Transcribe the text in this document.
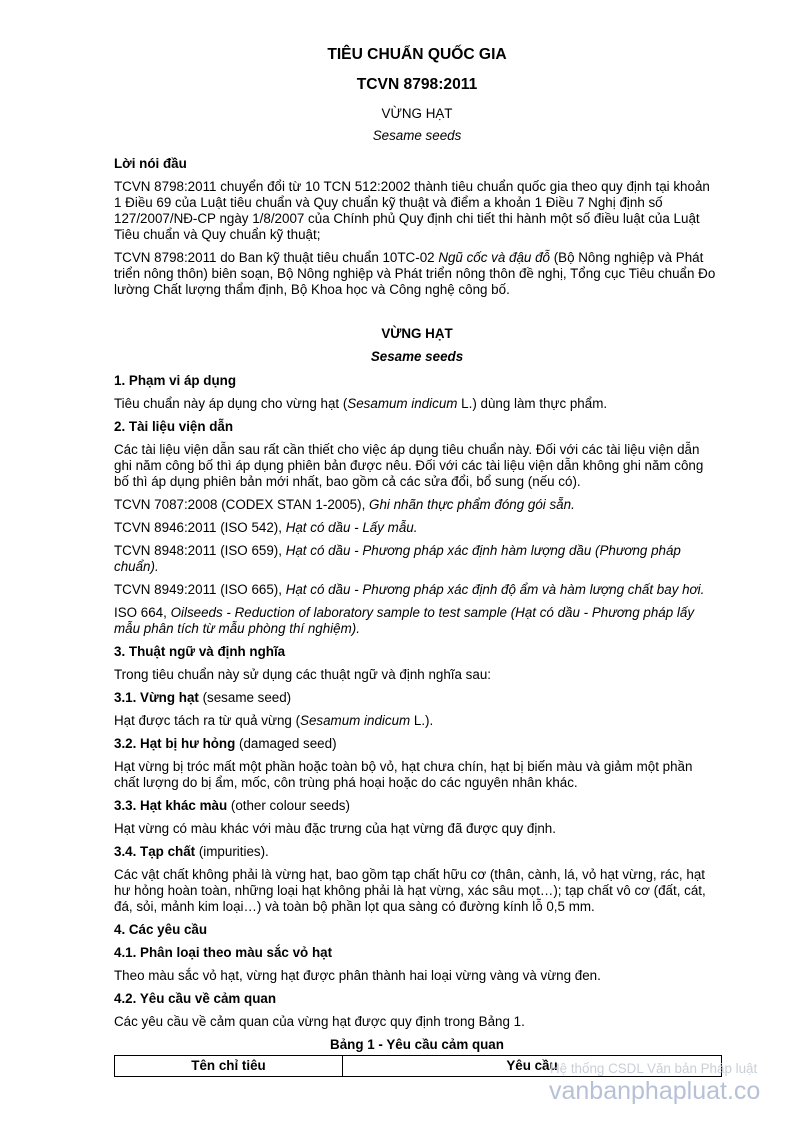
TIÊU CHUẨN QUỐC GIA
TCVN 8798:2011
VỪNG HẠT
Sesame seeds
Lời nói đầu

TCVN 8798:2011 chuyển đổi từ 10 TCN 512:2002 thành tiêu chuẩn quốc gia theo quy định tại khoản 1 Điều 69 của Luật tiêu chuẩn và Quy chuẩn kỹ thuật và điểm a khoản 1 Điều 7 Nghị định số 127/2007/NĐ-CP ngày 1/8/2007 của Chính phủ Quy định chi tiết thi hành một số điều luật của Luật Tiêu chuẩn và Quy chuẩn kỹ thuật;

TCVN 8798:2011 do Ban kỹ thuật tiêu chuẩn 10TC-02 Ngũ cốc và đậu đỗ (Bộ Nông nghiệp và Phát triển nông thôn) biên soạn, Bộ Nông nghiệp và Phát triển nông thôn đề nghị, Tổng cục Tiêu chuẩn Đo lường Chất lượng thẩm định, Bộ Khoa học và Công nghệ công bố.

VỪNG HẠT
Sesame seeds
1. Phạm vi áp dụng

Tiêu chuẩn này áp dụng cho vừng hạt (Sesamum indicum L.) dùng làm thực phẩm.

2. Tài liệu viện dẫn

Các tài liệu viện dẫn sau rất cần thiết cho việc áp dụng tiêu chuẩn này. Đối với các tài liệu viện dẫn ghi năm công bố thì áp dụng phiên bản được nêu. Đối với các tài liệu viện dẫn không ghi năm công bố thì áp dụng phiên bản mới nhất, bao gồm cả các sửa đổi, bổ sung (nếu có).

TCVN 7087:2008 (CODEX STAN 1-2005), Ghi nhãn thực phẩm đóng gói sẵn.

TCVN 8946:2011 (ISO 542), Hạt có dầu - Lấy mẫu.

TCVN 8948:2011 (ISO 659), Hạt có dầu - Phương pháp xác định hàm lượng dầu (Phương pháp chuẩn).

TCVN 8949:2011 (ISO 665), Hạt có dầu - Phương pháp xác định độ ẩm và hàm lượng chất bay hơi.

ISO 664, Oilseeds - Reduction of laboratory sample to test sample (Hạt có dầu - Phương pháp lấy mẫu phân tích từ mẫu phòng thí nghiệm).

3. Thuật ngữ và định nghĩa

Trong tiêu chuẩn này sử dụng các thuật ngữ và định nghĩa sau:

3.1. Vừng hạt (sesame seed)

Hạt được tách ra từ quả vừng (Sesamum indicum L.).

3.2. Hạt bị hư hỏng (damaged seed)

Hạt vừng bị tróc mất một phần hoặc toàn bộ vỏ, hạt chưa chín, hạt bị biến màu và giảm một phần chất lượng do bị ẩm, mốc, côn trùng phá hoại hoặc do các nguyên nhân khác.

3.3. Hạt khác màu (other colour seeds)

Hạt vừng có màu khác với màu đặc trưng của hạt vừng đã được quy định.

3.4. Tạp chất (impurities).

Các vật chất không phải là vừng hạt, bao gồm tạp chất hữu cơ (thân, cành, lá, vỏ hạt vừng, rác, hạt hư hỏng hoàn toàn, những loại hạt không phải là hạt vừng, xác sâu mọt…); tạp chất vô cơ (đất, cát, đá, sỏi, mảnh kim loại…) và toàn bộ phần lọt qua sàng có đường kính lỗ 0,5 mm.

4. Các yêu cầu
4.1. Phân loại theo màu sắc vỏ hạt

Theo màu sắc vỏ hạt, vừng hạt được phân thành hai loại vừng vàng và vừng đen.

4.2. Yêu cầu về cảm quan

Các yêu cầu về cảm quan của vừng hạt được quy định trong Bảng 1.

Bảng 1 - Yêu cầu cảm quan
Tên chỉ tiêu	Yêu cầu
Hệ thống CSDL Văn bản Pháp luật
vanbanphapluat.co
